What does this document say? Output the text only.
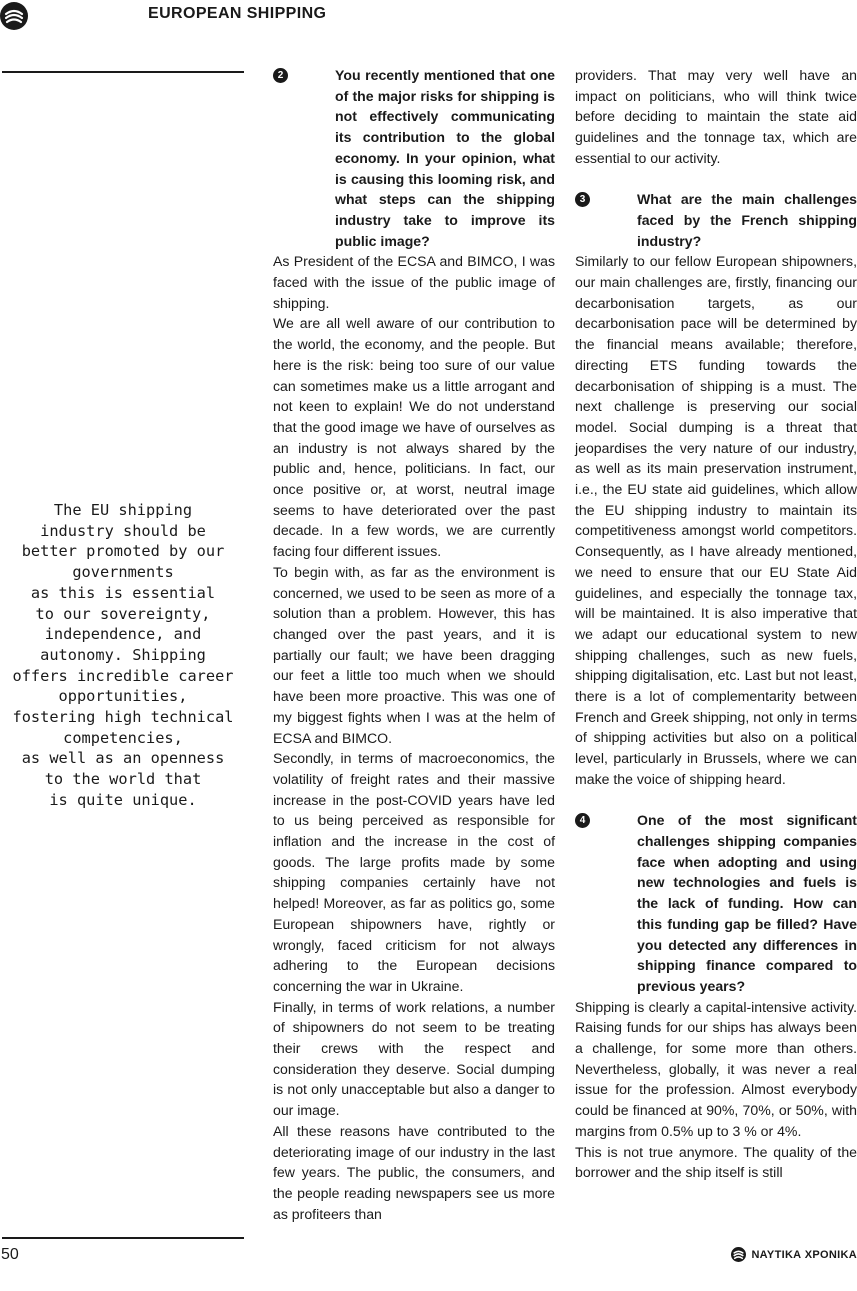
EUROPEAN SHIPPING

The EU shipping
industry should be
better promoted by our
governments
as this is essential
to our sovereignty,
independence, and
autonomy. Shipping
offers incredible career
opportunities,
fostering high technical
competencies,
as well as an openness
to the world that
is quite unique.

2	You recently mentioned that one of the major risks for shipping is not effectively communicating its contribution to the global economy. In your opinion, what is causing this looming risk, and what steps can the shipping industry take to improve its public image?

As President of the ECSA and BIMCO, I was faced with the issue of the public image of shipping.

We are all well aware of our contribution to the world, the economy, and the people. But here is the risk: being too sure of our value can sometimes make us a little arrogant and not keen to explain! We do not understand that the good image we have of ourselves as an industry is not always shared by the public and, hence, politicians. In fact, our once positive or, at worst, neutral image seems to have deteriorated over the past decade. In a few words, we are currently facing four different issues.

To begin with, as far as the environment is concerned, we used to be seen as more of a solution than a problem. However, this has changed over the past years, and it is partially our fault; we have been dragging our feet a little too much when we should have been more proactive. This was one of my biggest fights when I was at the helm of ECSA and BIMCO.

Secondly, in terms of macroeconomics, the volatility of freight rates and their massive increase in the post-COVID years have led to us being perceived as responsible for inflation and the increase in the cost of goods. The large profits made by some shipping companies certainly have not helped! Moreover, as far as politics go, some European shipowners have, rightly or wrongly, faced criticism for not always adhering to the European decisions concerning the war in Ukraine.

Finally, in terms of work relations, a number of shipowners do not seem to be treating their crews with the respect and consideration they deserve. Social dumping is not only unacceptable but also a danger to our image.

All these reasons have contributed to the deteriorating image of our industry in the last few years. The public, the consumers, and the people reading newspapers see us more as profiteers than

providers. That may very well have an impact on politicians, who will think twice before deciding to maintain the state aid guidelines and the tonnage tax, which are essential to our activity.

3	What are the main challenges faced by the French shipping industry?

Similarly to our fellow European shipowners, our main challenges are, firstly, financing our decarbonisation targets, as our decarbonisation pace will be determined by the financial means available; therefore, directing ETS funding towards the decarbonisation of shipping is a must. The next challenge is preserving our social model. Social dumping is a threat that jeopardises the very nature of our industry, as well as its main preservation instrument, i.e., the EU state aid guidelines, which allow the EU shipping industry to maintain its competitiveness amongst world competitors. Consequently, as I have already mentioned, we need to ensure that our EU State Aid guidelines, and especially the tonnage tax, will be maintained. It is also imperative that we adapt our educational system to new shipping challenges, such as new fuels, shipping digitalisation, etc. Last but not least, there is a lot of complementarity between French and Greek shipping, not only in terms of shipping activities but also on a political level, particularly in Brussels, where we can make the voice of shipping heard.

4	One of the most significant challenges shipping companies face when adopting and using new technologies and fuels is the lack of funding. How can this funding gap be filled? Have you detected any differences in shipping finance compared to previous years?

Shipping is clearly a capital-intensive activity. Raising funds for our ships has always been a challenge, for some more than others. Nevertheless, globally, it was never a real issue for the profession. Almost everybody could be financed at 90%, 70%, or 50%, with margins from 0.5% up to 3 % or 4%.

This is not true anymore. The quality of the borrower and the ship itself is still

50	ΝΑΥΤΙΚΑ ΧΡΟΝΙΚΑ
